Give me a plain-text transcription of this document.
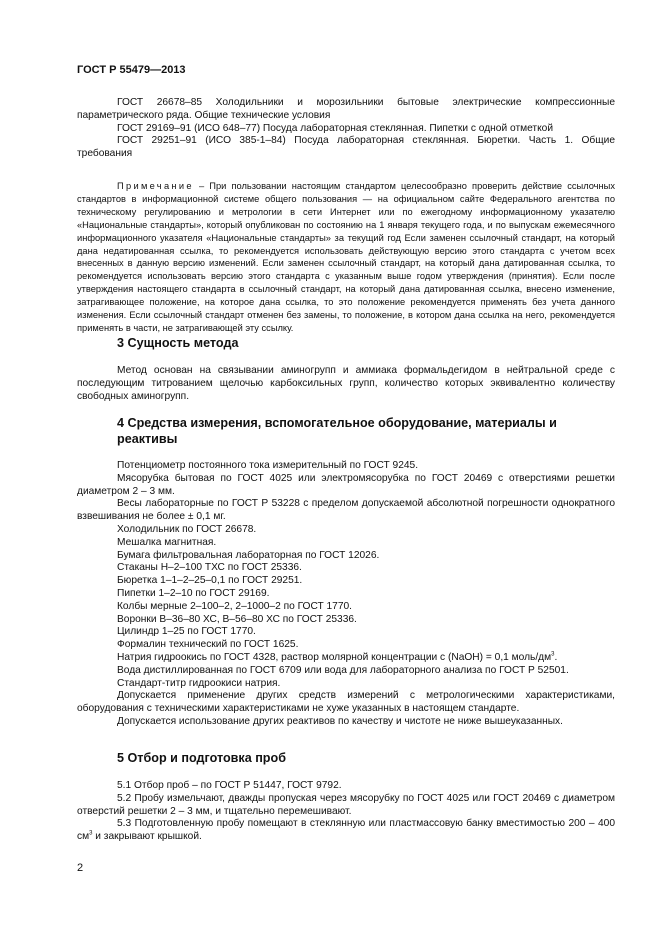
ГОСТ Р 55479—2013

ГОСТ 26678–85 Холодильники и морозильники бытовые электрические компрессионные параметрического ряда. Общие технические условия

ГОСТ 29169–91 (ИСО 648–77) Посуда лабораторная стеклянная. Пипетки с одной отметкой

ГОСТ 29251–91 (ИСО 385-1–84) Посуда лабораторная стеклянная. Бюретки. Часть 1. Общие требования

Примечание – При пользовании настоящим стандартом целесообразно проверить действие ссылочных стандартов в информационной системе общего пользования — на официальном сайте Федерального агентства по техническому регулированию и метрологии в сети Интернет или по ежегодному информационному указателю «Национальные стандарты», который опубликован по состоянию на 1 января текущего года, и по выпускам ежемесячного информационного указателя «Национальные стандарты» за текущий год Если заменен ссылочный стандарт, на который дана недатированная ссылка, то рекомендуется использовать действующую версию этого стандарта с учетом всех внесенных в данную версию изменений. Если заменен ссылочный стандарт, на который дана датированная ссылка, то рекомендуется использовать версию этого стандарта с указанным выше годом утверждения (принятия). Если после утверждения настоящего стандарта в ссылочный стандарт, на который дана датированная ссылка, внесено изменение, затрагивающее положение, на которое дана ссылка, то это положение рекомендуется применять без учета данного изменения. Если ссылочный стандарт отменен без замены, то положение, в котором дана ссылка на него, рекомендуется применять в части, не затрагивающей эту ссылку.

3 Сущность метода

Метод основан на связывании аминогрупп и аммиака формальдегидом в нейтральной среде с последующим титрованием щелочью карбоксильных групп, количество которых эквивалентно количеству свободных аминогрупп.

4 Средства измерения, вспомогательное оборудование, материалы и реактивы

Потенциометр постоянного тока измерительный по ГОСТ 9245.

Мясорубка бытовая по ГОСТ 4025 или электромясорубка по ГОСТ 20469 с отверстиями решетки диаметром 2 – 3 мм.

Весы лабораторные по ГОСТ Р 53228 с пределом допускаемой абсолютной погрешности однократного взвешивания не более ± 0,1 мг.

Холодильник по ГОСТ 26678.

Мешалка магнитная.

Бумага фильтровальная лабораторная по ГОСТ 12026.

Стаканы Н–2–100 ТХС по ГОСТ 25336.

Бюретка 1–1–2–25–0,1 по ГОСТ 29251.

Пипетки 1–2–10 по ГОСТ 29169.

Колбы мерные 2–100–2, 2–1000–2 по ГОСТ 1770.

Воронки В–36–80 ХС, В–56–80 ХС по ГОСТ 25336.

Цилиндр 1–25 по ГОСТ 1770.

Формалин технический по ГОСТ 1625.

Натрия гидроокись по ГОСТ 4328, раствор молярной концентрации с (NaOH) = 0,1 моль/$дм^3$.

Вода дистиллированная по ГОСТ 6709 или вода для лабораторного анализа по ГОСТ Р 52501.

Стандарт-титр гидроокиси натрия.

Допускается применение других средств измерений с метрологическими характеристиками, оборудования с техническими характеристиками не хуже указанных в настоящем стандарте.

Допускается использование других реактивов по качеству и чистоте не ниже вышеуказанных.

5 Отбор и подготовка проб

5.1 Отбор проб – по ГОСТ Р 51447, ГОСТ 9792.

5.2 Пробу измельчают, дважды пропуская через мясорубку по ГОСТ 4025 или ГОСТ 20469 с диаметром отверстий решетки 2 – 3 мм, и тщательно перемешивают.

5.3 Подготовленную пробу помещают в стеклянную или пластмассовую банку вместимостью 200 – 400 $см^3$ и закрывают крышкой.

2
